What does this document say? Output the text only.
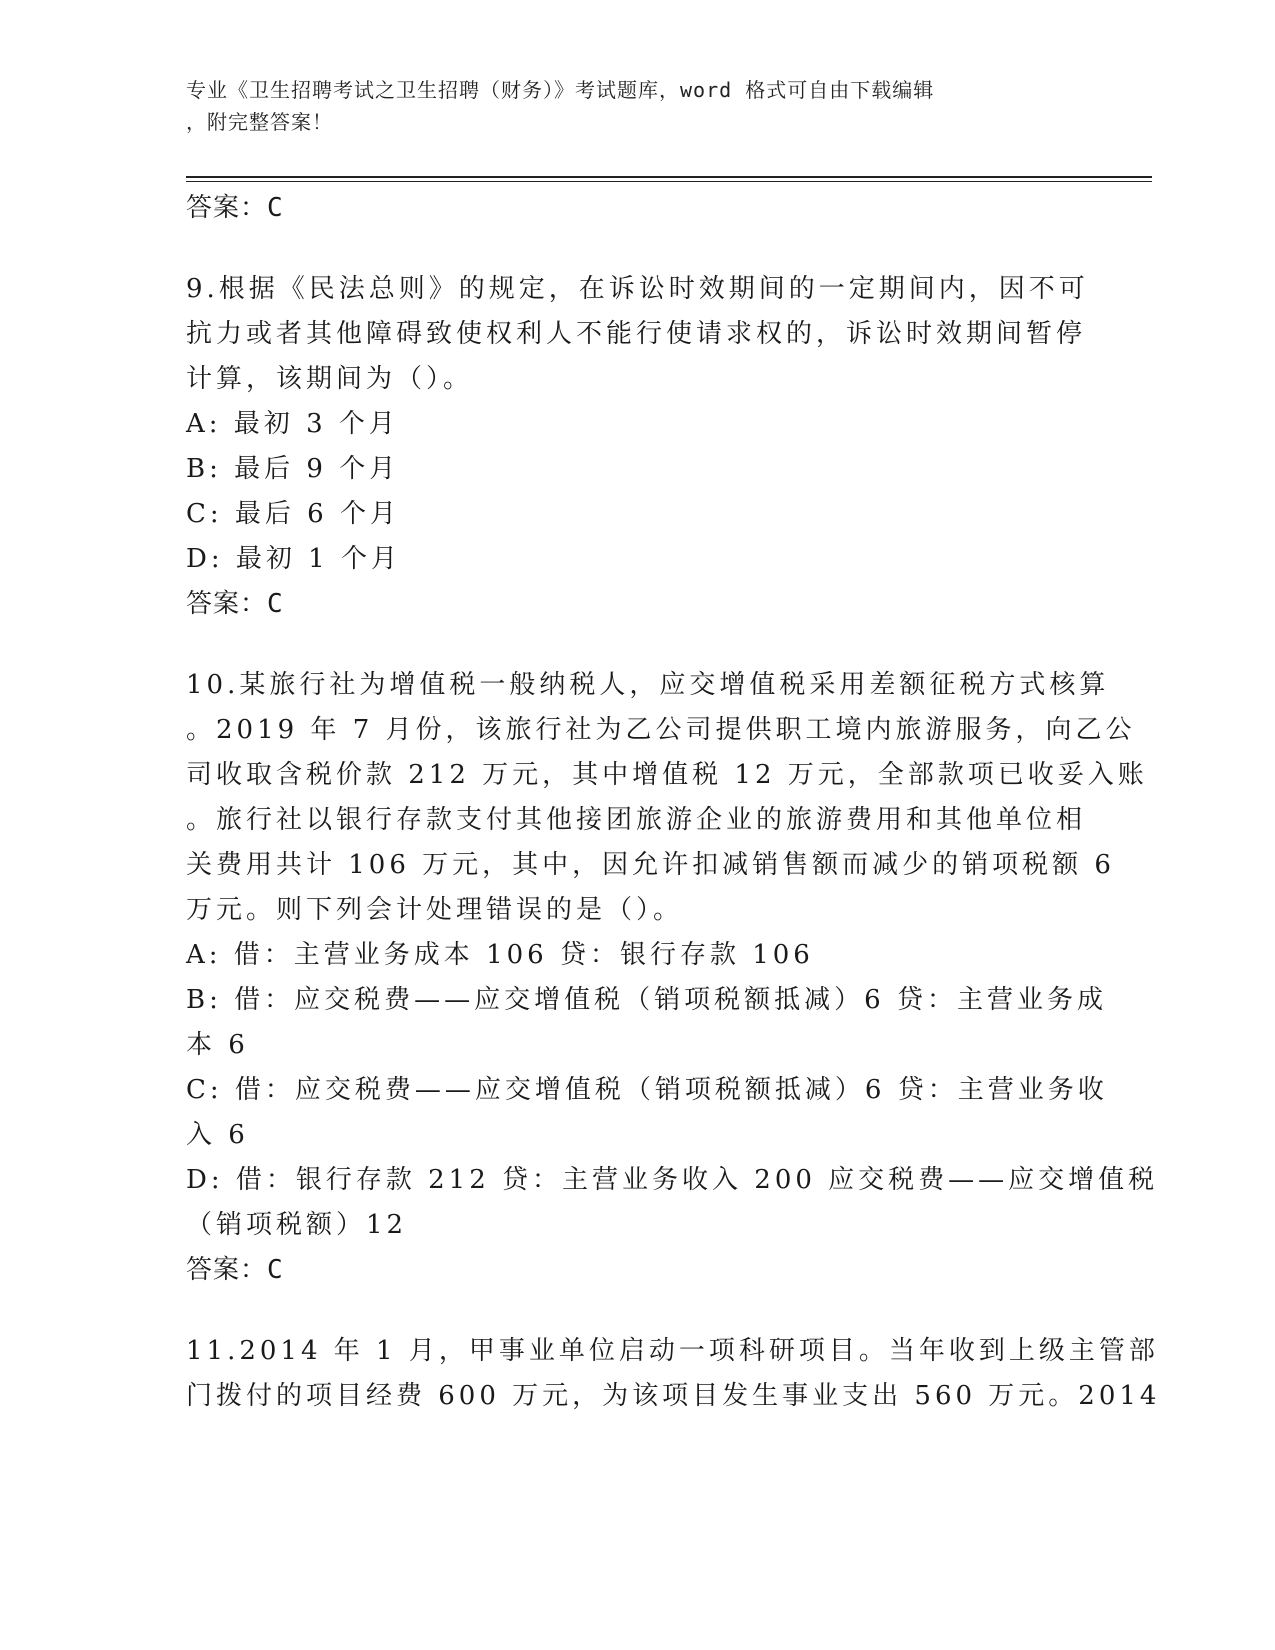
专业《卫生招聘考试之卫生招聘（财务）》考试题库，word 格式可自由下载编辑
，附完整答案！
答案：C
9.根据《民法总则》的规定，在诉讼时效期间的一定期间内，因不可
抗力或者其他障碍致使权利人不能行使请求权的，诉讼时效期间暂停
计算，该期间为（）。
A: 最初 3 个月
B: 最后 9 个月
C: 最后 6 个月
D: 最初 1 个月
答案：C
10.某旅行社为增值税一般纳税人，应交增值税采用差额征税方式核算
。2019 年 7 月份，该旅行社为乙公司提供职工境内旅游服务，向乙公
司收取含税价款 212 万元，其中增值税 12 万元，全部款项已收妥入账
。旅行社以银行存款支付其他接团旅游企业的旅游费用和其他单位相
关费用共计 106 万元，其中，因允许扣减销售额而减少的销项税额 6
万元。则下列会计处理错误的是（）。
A: 借：主营业务成本 106 贷：银行存款 106
B: 借：应交税费——应交增值税（销项税额抵减）6 贷：主营业务成
本 6
C: 借：应交税费——应交增值税（销项税额抵减）6 贷：主营业务收
入 6
D: 借：银行存款 212 贷：主营业务收入 200 应交税费——应交增值税
（销项税额）12
答案：C
11.2014 年 1 月，甲事业单位启动一项科研项目。当年收到上级主管部
门拨付的项目经费 600 万元，为该项目发生事业支出 560 万元。2014
